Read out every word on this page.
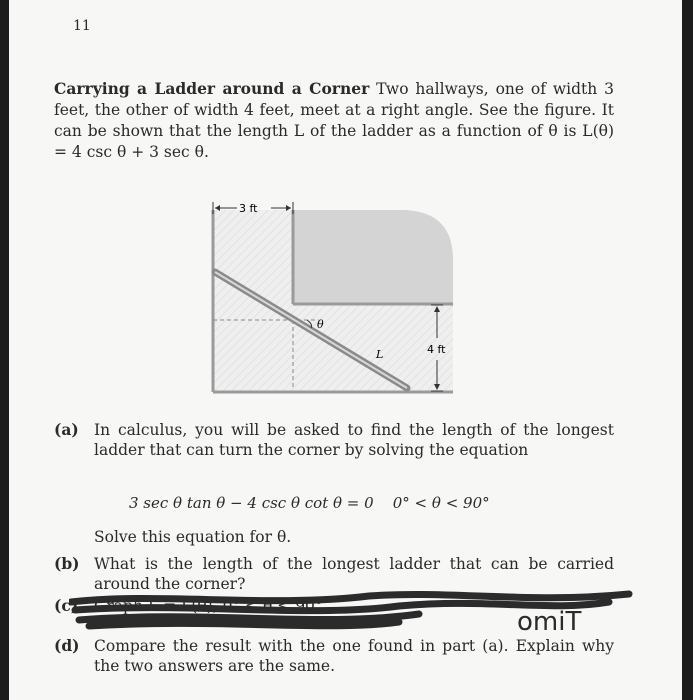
11
Carrying a Ladder around a Corner Two hallways, one of width 3 feet, the other of width 4 feet, meet at a right angle. See the figure. It can be shown that the length L of the ladder as a function of θ is L(θ) = 4 csc θ + 3 sec θ.
θ
L
3 ft
4 ft
(a) In calculus, you will be asked to find the length of the longest ladder that can turn the corner by solving the equation
3 sec θ tan θ − 4 csc θ cot θ = 0    0° < θ < 90°
Solve this equation for θ.
(b) What is the length of the longest ladder that can be carried around the corner?
(c) Graph L = L(θ), 0° ≤ θ ≤ 90°
omiT
(d) Compare the result with the one found in part (a). Explain why the two answers are the same.
